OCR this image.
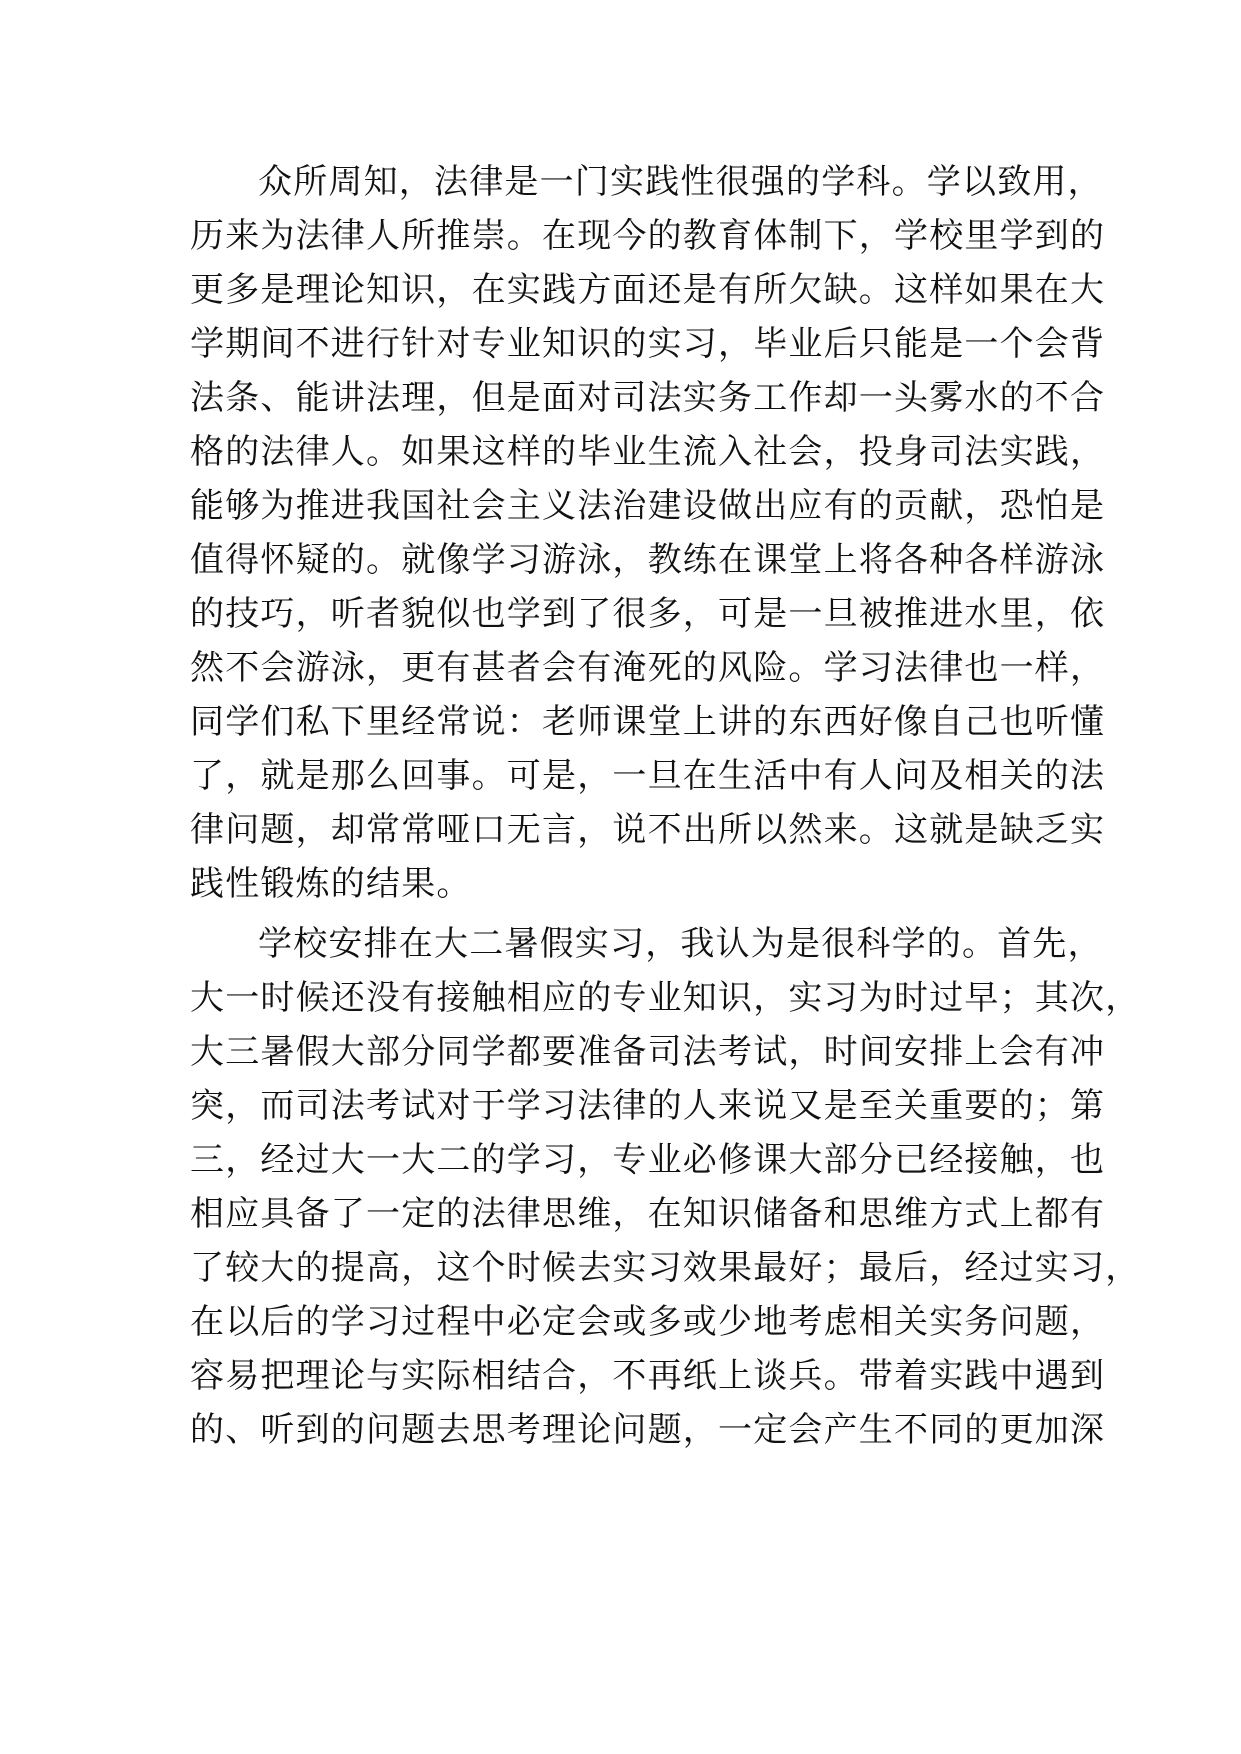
众所周知，法律是一门实践性很强的学科。学以致用，
历来为法律人所推崇。在现今的教育体制下，学校里学到的
更多是理论知识，在实践方面还是有所欠缺。这样如果在大
学期间不进行针对专业知识的实习，毕业后只能是一个会背
法条、能讲法理，但是面对司法实务工作却一头雾水的不合
格的法律人。如果这样的毕业生流入社会，投身司法实践，
能够为推进我国社会主义法治建设做出应有的贡献，恐怕是
值得怀疑的。就像学习游泳，教练在课堂上将各种各样游泳
的技巧，听者貌似也学到了很多，可是一旦被推进水里，依
然不会游泳，更有甚者会有淹死的风险。学习法律也一样，
同学们私下里经常说：老师课堂上讲的东西好像自己也听懂
了，就是那么回事。可是，一旦在生活中有人问及相关的法
律问题，却常常哑口无言，说不出所以然来。这就是缺乏实
践性锻炼的结果。
学校安排在大二暑假实习，我认为是很科学的。首先，
大一时候还没有接触相应的专业知识，实习为时过早；其次，
大三暑假大部分同学都要准备司法考试，时间安排上会有冲
突，而司法考试对于学习法律的人来说又是至关重要的；第
三，经过大一大二的学习，专业必修课大部分已经接触，也
相应具备了一定的法律思维，在知识储备和思维方式上都有
了较大的提高，这个时候去实习效果最好；最后，经过实习，
在以后的学习过程中必定会或多或少地考虑相关实务问题，
容易把理论与实际相结合，不再纸上谈兵。带着实践中遇到
的、听到的问题去思考理论问题，一定会产生不同的更加深
